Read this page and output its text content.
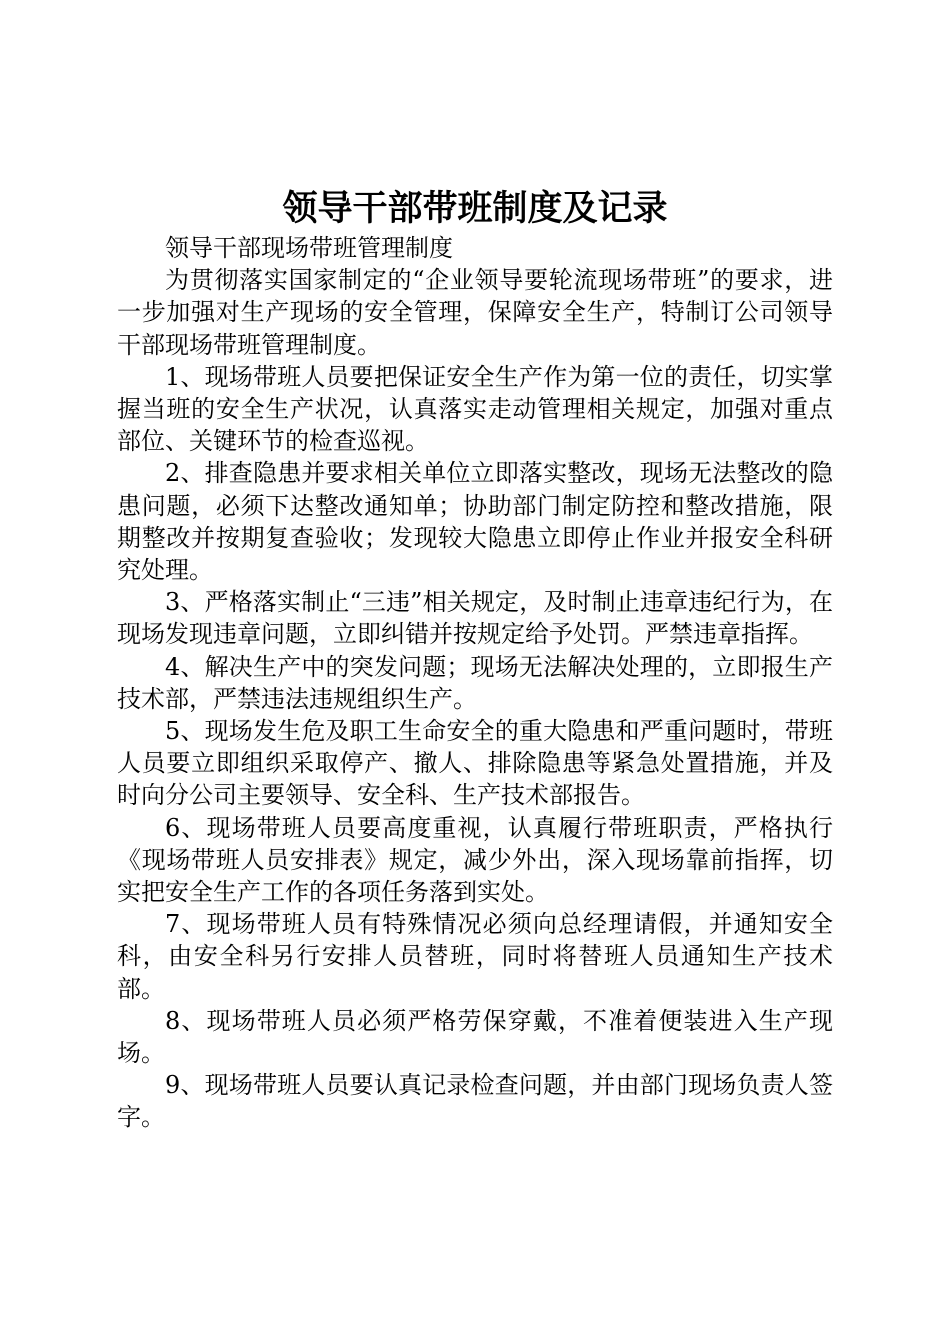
领导干部带班制度及记录

领导干部现场带班管理制度

为贯彻落实国家制定的“企业领导要轮流现场带班”的要求，进一步加强对生产现场的安全管理，保障安全生产，特制订公司领导干部现场带班管理制度。

1、现场带班人员要把保证安全生产作为第一位的责任，切实掌握当班的安全生产状况，认真落实走动管理相关规定，加强对重点部位、关键环节的检查巡视。

2、排查隐患并要求相关单位立即落实整改，现场无法整改的隐患问题，必须下达整改通知单；协助部门制定防控和整改措施，限期整改并按期复查验收；发现较大隐患立即停止作业并报安全科研究处理。

3、严格落实制止“三违”相关规定，及时制止违章违纪行为，在现场发现违章问题，立即纠错并按规定给予处罚。严禁违章指挥。

4、解决生产中的突发问题；现场无法解决处理的，立即报生产技术部，严禁违法违规组织生产。

5、现场发生危及职工生命安全的重大隐患和严重问题时，带班人员要立即组织采取停产、撤人、排除隐患等紧急处置措施，并及时向分公司主要领导、安全科、生产技术部报告。

6、现场带班人员要高度重视，认真履行带班职责，严格执行《现场带班人员安排表》规定，减少外出，深入现场靠前指挥，切实把安全生产工作的各项任务落到实处。

7、现场带班人员有特殊情况必须向总经理请假，并通知安全科，由安全科另行安排人员替班，同时将替班人员通知生产技术部。

8、现场带班人员必须严格劳保穿戴，不准着便装进入生产现场。

9、现场带班人员要认真记录检查问题，并由部门现场负责人签字。
